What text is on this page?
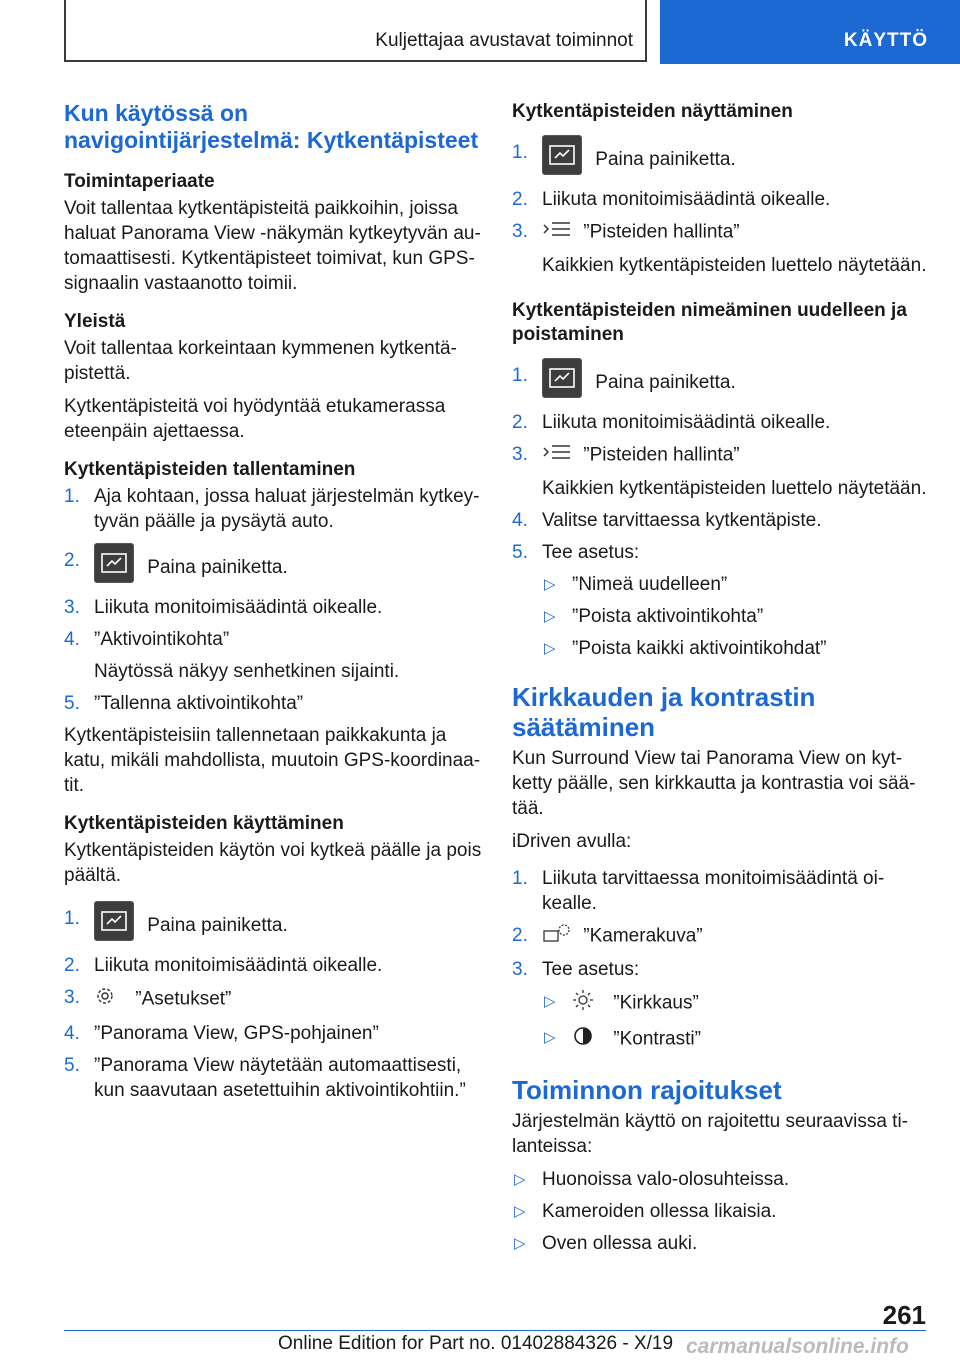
Kuljettajaa avustavat toiminnot	KÄYTTÖ
Kun käytössä on navigointijärjestelmä: Kytkentäpisteet
Toimintaperiaate

Voit tallentaa kytkentäpisteitä paikkoihin, joissa haluat Panorama View -näkymän kytkeytyvän au-tomaattisesti. Kytkentäpisteet toimivat, kun GPS-signaalin vastaanotto toimii.

Yleistä

Voit tallentaa korkeintaan kymmenen kytkentä-pistettä.

Kytkentäpisteitä voi hyödyntää etukamerassa eteenpäin ajettaessa.

Kytkentäpisteiden tallentaminen
1. Aja kohtaan, jossa haluat järjestelmän kytkey-tyvän päälle ja pysäytä auto.
2.	Paina painiketta.
3. Liikuta monitoimisäädintä oikealle.
4. ”Aktivointikohta”
Näytössä näkyy senhetkinen sijainti.
5. ”Tallenna aktivointikohta”

Kytkentäpisteisiin tallennetaan paikkakunta ja katu, mikäli mahdollista, muutoin GPS-koordinaa-tit.

Kytkentäpisteiden käyttäminen

Kytkentäpisteiden käytön voi kytkeä päälle ja pois päältä.

1.	Paina painiketta.
2. Liikuta monitoimisäädintä oikealle.
3.	”Asetukset”
4. ”Panorama View, GPS-pohjainen”
5. ”Panorama View näytetään automaattisesti, kun saavutaan asetettuihin aktivointikohtiin.”
Kytkentäpisteiden näyttäminen
1.	Paina painiketta.
2. Liikuta monitoimisäädintä oikealle.
3.	”Pisteiden hallinta”
Kaikkien kytkentäpisteiden luettelo näytetään.
Kytkentäpisteiden nimeäminen uudelleen ja poistaminen
1.	Paina painiketta.
2. Liikuta monitoimisäädintä oikealle.
3.	”Pisteiden hallinta”
Kaikkien kytkentäpisteiden luettelo näytetään.
4. Valitse tarvittaessa kytkentäpiste.
5. Tee asetus:
▷ ”Nimeä uudelleen”
▷ ”Poista aktivointikohta”
▷ ”Poista kaikki aktivointikohdat”
Kirkkauden ja kontrastin säätäminen

Kun Surround View tai Panorama View on kyt-ketty päälle, sen kirkkautta ja kontrastia voi sää-tää.

iDriven avulla:

1. Liikuta tarvittaessa monitoimisäädintä oi-kealle.
2.	”Kamerakuva”
3. Tee asetus:
▷	”Kirkkaus”
▷	”Kontrasti”
Toiminnon rajoitukset

Järjestelmän käyttö on rajoitettu seuraavissa ti-lanteissa:

▷ Huonoissa valo-olosuhteissa.
▷ Kameroiden ollessa likaisia.
▷ Oven ollessa auki.
261
Online Edition for Part no. 01402884326 - X/19 carmanualsonline.info
